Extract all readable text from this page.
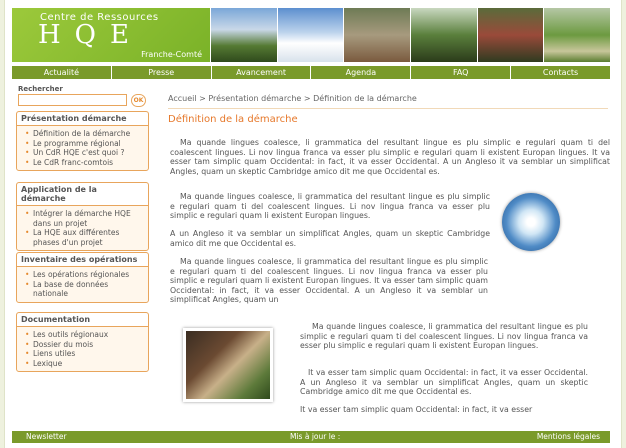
Centre de Ressources
HQE
Franche-Comté
Actualité	Presse	Avancement	Agenda	FAQ	Contacts
Rechercher
OK
Présentation démarche
• Définition de la démarche
• Le programme régional
• Un CdR HQE c'est quoi ?
• Le CdR franc-comtois
Application de la démarche
• Intégrer la démarche HQE dans un projet
• La HQE aux différentes phases d'un projet
Inventaire des opérations
• Les opérations régionales
• La base de données nationale
Documentation
• Les outils régionaux
• Dossier du mois
• Liens utiles
• Lexique
Accueil > Présentation démarche > Définition de la démarche
Définition de la démarche

Ma quande lingues coalesce, li grammatica del resultant lingue es plu simplic e regulari quam ti del coalescent lingues. Li nov lingua franca va esser plu simplic e regulari quam li existent Europan lingues. It va esser tam simplic quam Occidental: in fact, it va esser Occidental. A un Angleso it va semblar un simplificat Angles, quam un skeptic Cambridge amico dit me que Occidental es.

Ma quande lingues coalesce, li grammatica del resultant lingue es plu simplic e regulari quam ti del coalescent lingues. Li nov lingua franca va esser plu simplic e regulari quam li existent Europan lingues.

A un Angleso it va semblar un simplificat Angles, quam un skeptic Cambridge amico dit me que Occidental es.

Ma quande lingues coalesce, li grammatica del resultant lingue es plu simplic e regulari quam ti del coalescent lingues. Li nov lingua franca va esser plu simplic e regulari quam li existent Europan lingues. It va esser tam simplic quam Occidental: in fact, it va esser Occidental. A un Angleso it va semblar un simplificat Angles, quam un

Ma quande lingues coalesce, li grammatica del resultant lingue es plu simplic e regulari quam ti del coalescent lingues. Li nov lingua franca va esser plu simplic e regulari quam li existent Europan lingues.

It va esser tam simplic quam Occidental: in fact, it va esser Occidental. A un Angleso it va semblar un simplificat Angles, quam un skeptic Cambridge amico dit me que Occidental es.

It va esser tam simplic quam Occidental: in fact, it va esser

Newsletter	Mis à jour le :	Mentions légales
